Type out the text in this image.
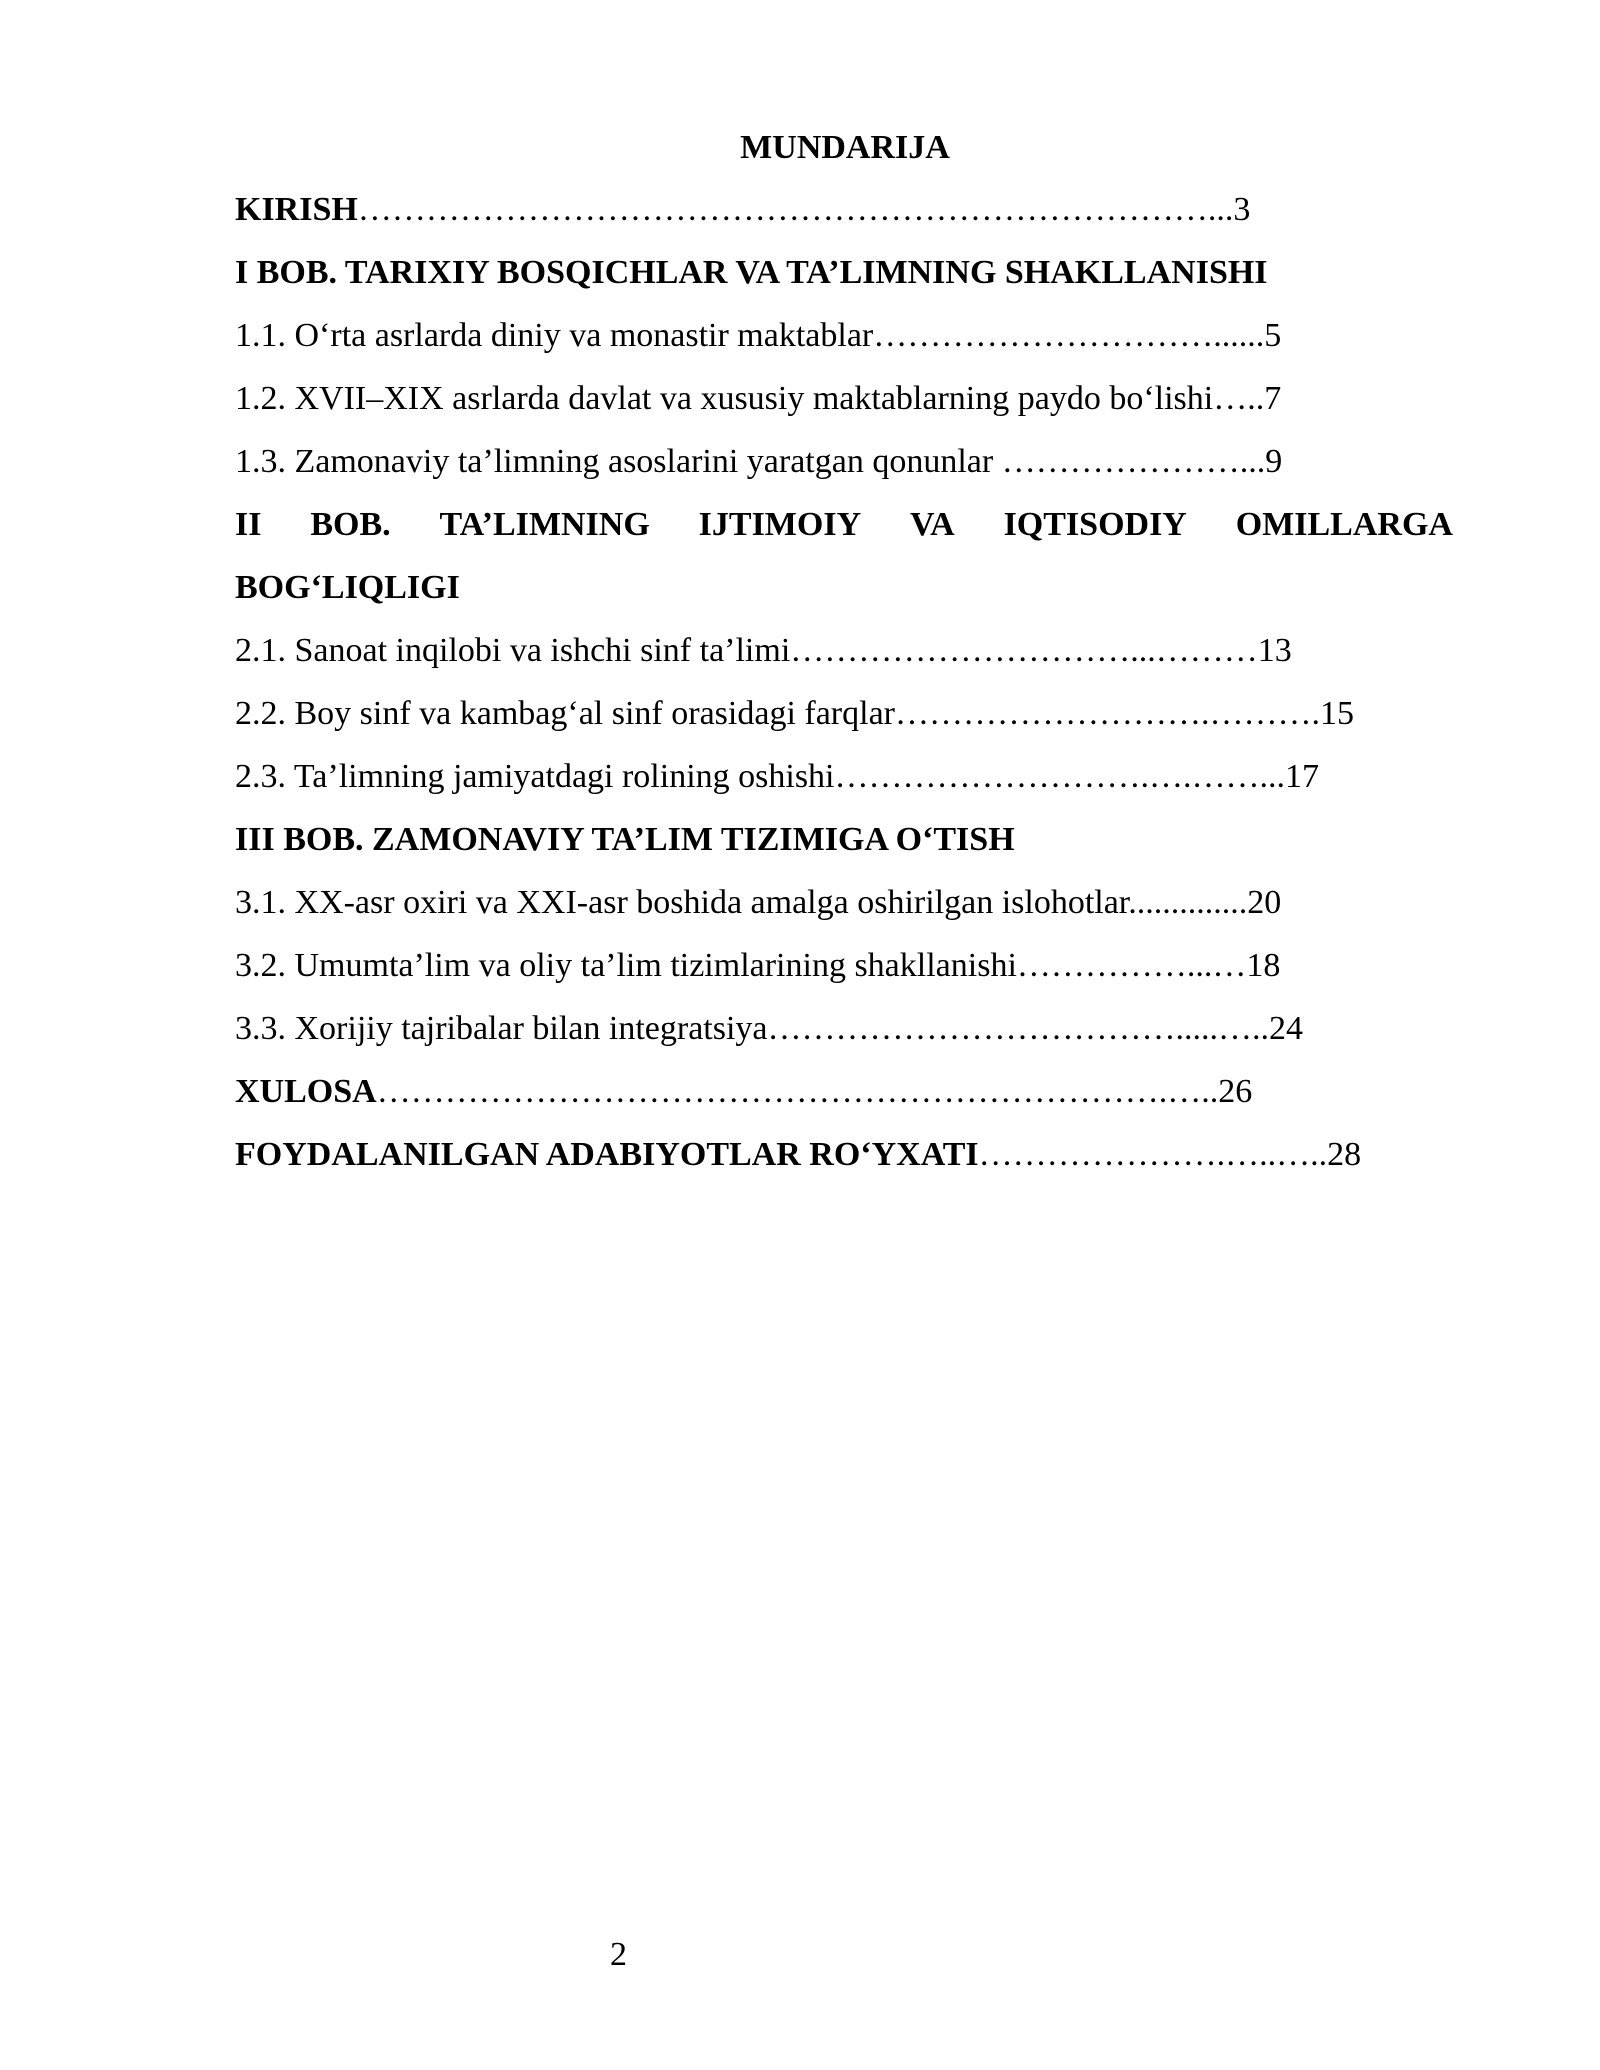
MUNDARIJA
KIRISH…………………………………………………………………...3
I BOB. TARIXIY BOSQICHLAR VA TA’LIMNING SHAKLLANISHI
1.1. O‘rta asrlarda diniy va monastir maktablar…………………………......5
1.2. XVII–XIX asrlarda davlat va xususiy maktablarning paydo bo‘lishi…..7
1.3. Zamonaviy ta’limning asoslarini yaratgan qonunlar …………………...9
II BOB. TA’LIMNING IJTIMOIY VA IQTISODIY OMILLARGA
BOG‘LIQLIGI
2.1. Sanoat inqilobi va ishchi sinf ta’limi…………………………...………13
2.2. Boy sinf va kambag‘al sinf orasidagi farqlar……………………….……….15
2.3. Ta’limning jamiyatdagi rolining oshishi……………………….….……...17
III BOB. ZAMONAVIY TA’LIM TIZIMIGA O‘TISH
3.1. XX-asr oxiri va XXI-asr boshida amalga oshirilgan islohotlar..............20
3.2. Umumta’lim va oliy ta’lim tizimlarining shakllanishi……………...…18
3.3. Xorijiy tajribalar bilan integratsiya……………………………….....…..24
XULOSA…………………………………………………………….…..26
FOYDALANILGAN ADABIYOTLAR RO‘YXATI………………….…..…..28
2
